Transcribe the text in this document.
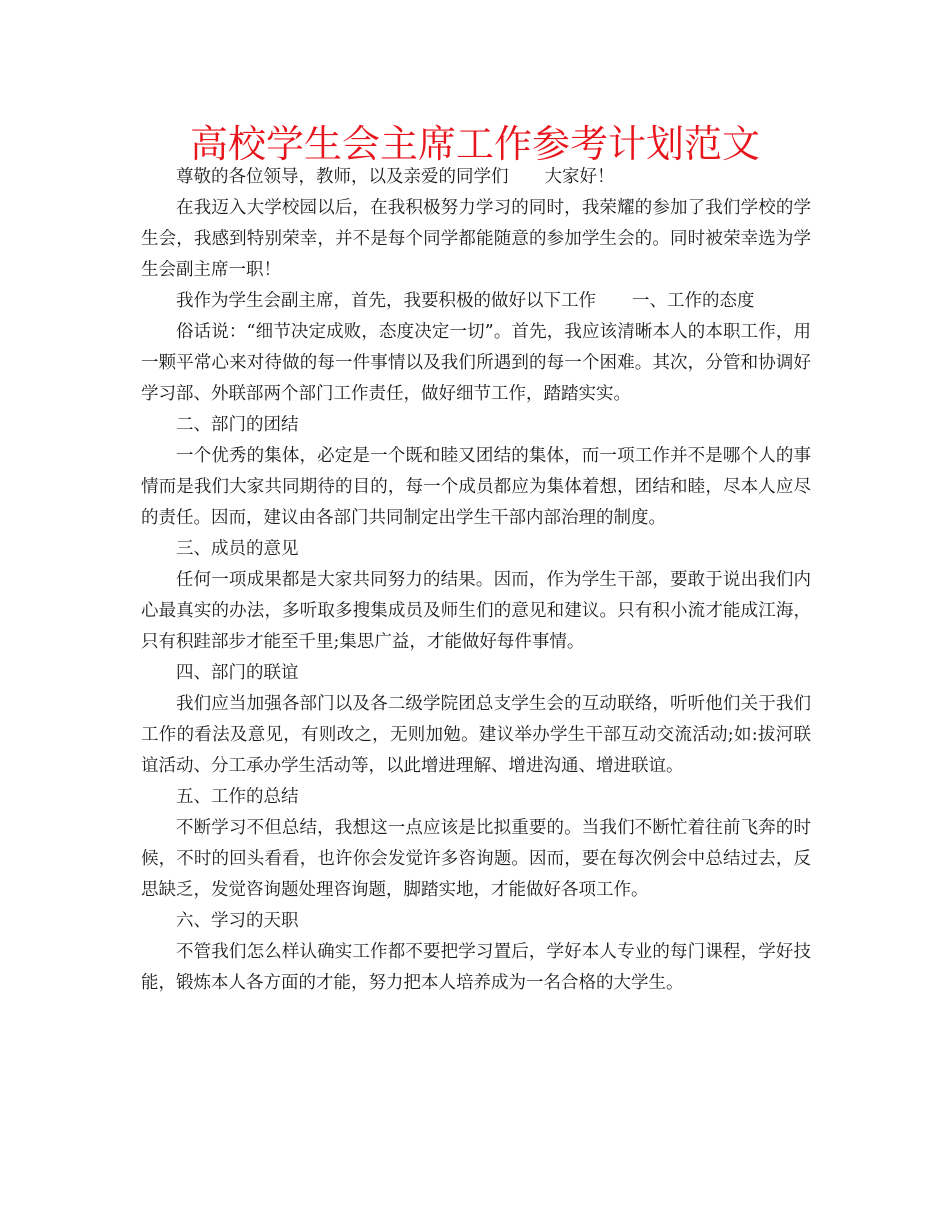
高校学生会主席工作参考计划范文

尊敬的各位领导，教师，以及亲爱的同学们 大家好！

在我迈入大学校园以后，在我积极努力学习的同时，我荣耀的参加了我们学校的学生会，我感到特别荣幸，并不是每个同学都能随意的参加学生会的。同时被荣幸选为学生会副主席一职！

我作为学生会副主席，首先，我要积极的做好以下工作 一、工作的态度

俗话说：“细节决定成败，态度决定一切”。首先，我应该清晰本人的本职工作，用一颗平常心来对待做的每一件事情以及我们所遇到的每一个困难。其次，分管和协调好学习部、外联部两个部门工作责任，做好细节工作，踏踏实实。

二、部门的团结

一个优秀的集体，必定是一个既和睦又团结的集体，而一项工作并不是哪个人的事情而是我们大家共同期待的目的，每一个成员都应为集体着想，团结和睦，尽本人应尽的责任。因而，建议由各部门共同制定出学生干部内部治理的制度。

三、成员的意见

任何一项成果都是大家共同努力的结果。因而，作为学生干部，要敢于说出我们内心最真实的办法，多听取多搜集成员及师生们的意见和建议。只有积小流才能成江海，只有积跬部步才能至千里;集思广益，才能做好每件事情。

四、部门的联谊

我们应当加强各部门以及各二级学院团总支学生会的互动联络，听听他们关于我们工作的看法及意见，有则改之，无则加勉。建议举办学生干部互动交流活动;如:拔河联谊活动、分工承办学生活动等，以此增进理解、增进沟通、增进联谊。

五、工作的总结

不断学习不但总结，我想这一点应该是比拟重要的。当我们不断忙着往前飞奔的时候，不时的回头看看，也许你会发觉许多咨询题。因而，要在每次例会中总结过去，反思缺乏，发觉咨询题处理咨询题，脚踏实地，才能做好各项工作。

六、学习的天职

不管我们怎么样认确实工作都不要把学习置后，学好本人专业的每门课程，学好技能，锻炼本人各方面的才能，努力把本人培养成为一名合格的大学生。
